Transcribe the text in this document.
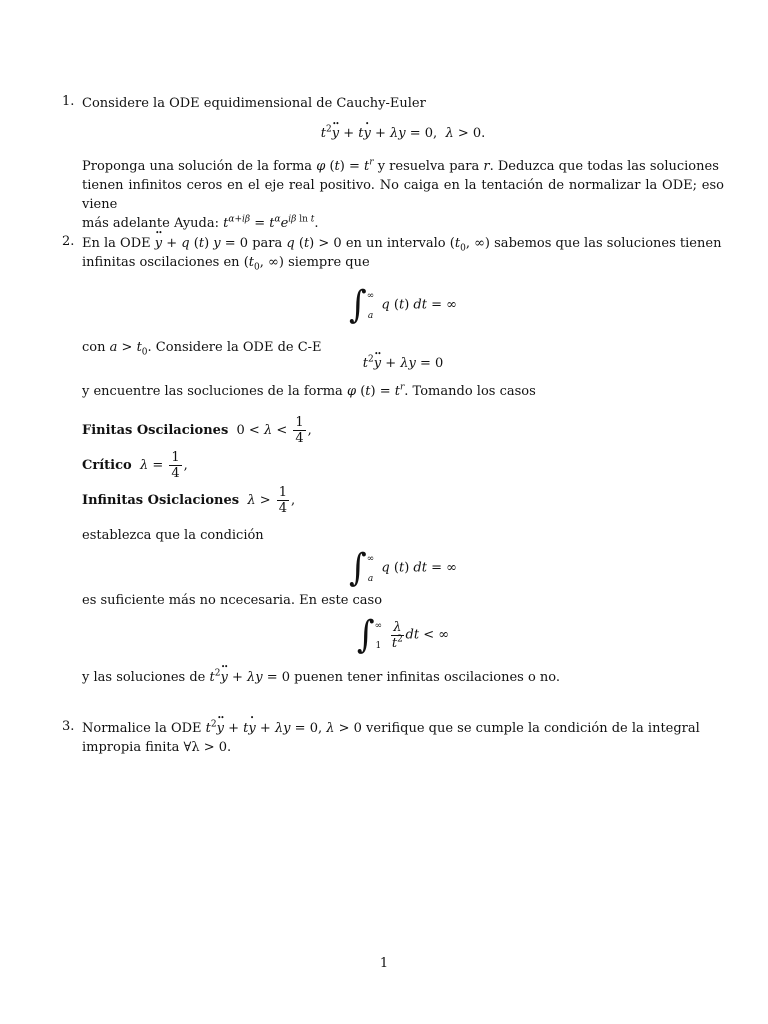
1. Considere la ODE equidimensional de Cauchy-Euler

$t^2••$ y + t• y + λy = 0,  λ > 0.

Proponga una solución de la forma φ $(t) = t^r$ y resuelva para r. Deduzca que todas las soluciones
tienen infinitos ceros en el eje real positivo. No caiga en la tentación de normalizar la ODE; eso viene
más adelante Ayuda: $t^{\alpha+i\beta} = t^\alpha e^{i\beta ln t}$.

2. En la ODE •• y + q (t) y = 0 para q (t) > 0 en un intervalo ($t_0$, ∞) sabemos que las soluciones tienen
infinitas oscilaciones en ($t_0$, ∞) siempre que

∫ ∞
a
q (t) dt = ∞

con $a > t_0$. Considere la ODE de C-E

$t^2••$ y + λy = 0

y encuentre las socluciones de la forma φ $(t) = t^r$. Tomando los casos

Finitas Oscilaciones  $0 < \lambda < \frac{1}{4}$ ,
Crítico $\lambda = \frac{1}{4}$ ,
Infinitas Osiclaciones $\lambda > \frac{1}{4}$ ,

establezca que la condición

∫ ∞
a
q (t) dt = ∞

es suficiente más no ncecesaria. En este caso

∫ ∞
1
$\frac{\lambda}{t^2}$ dt < ∞

y las soluciones de $t^2••$ y + λy = 0 puenen tener infinitas oscilaciones o no.

3. Normalice la ODE $t^2••$ y + t• y + λy = 0, λ > 0 verifique que se cumple la condición de la integral
impropia finita ∀λ > 0.

1
